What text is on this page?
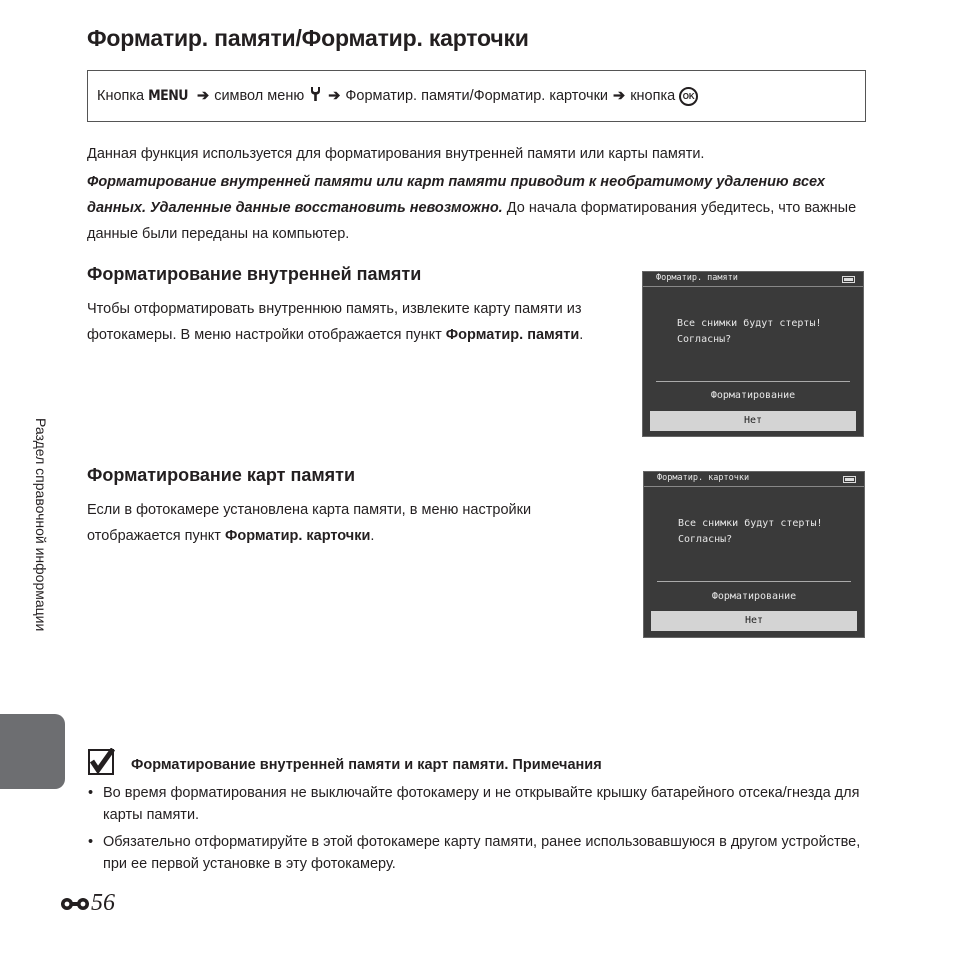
Форматир. памяти/Форматир. карточки
Кнопка MENU ➔ символ меню ➔ Форматир. памяти/Форматир. карточки ➔ кнопка OK

Данная функция используется для форматирования внутренней памяти или карты памяти.

Форматирование внутренней памяти или карт памяти приводит к необратимому удалению всех данных. Удаленные данные восстановить невозможно. До начала форматирования убедитесь, что важные данные были переданы на компьютер.

Форматирование внутренней памяти

Чтобы отформатировать внутреннюю память, извлеките карту памяти из фотокамеры. В меню настройки отображается пункт Форматир. памяти.

Форматир. памяти
Все снимки будут стерты!
Согласны?
Форматирование
Нет
Форматирование карт памяти

Если в фотокамере установлена карта памяти, в меню настройки отображается пункт Форматир. карточки.

Форматир. карточки
Все снимки будут стерты!
Согласны?
Форматирование
Нет
Раздел справочной информации
Форматирование внутренней памяти и карт памяти. Примечания
• Во время форматирования не выключайте фотокамеру и не открывайте крышку батарейного отсека/гнезда для карты памяти.
• Обязательно отформатируйте в этой фотокамере карту памяти, ранее использовавшуюся в другом устройстве, при ее первой установке в эту фотокамеру.
56
